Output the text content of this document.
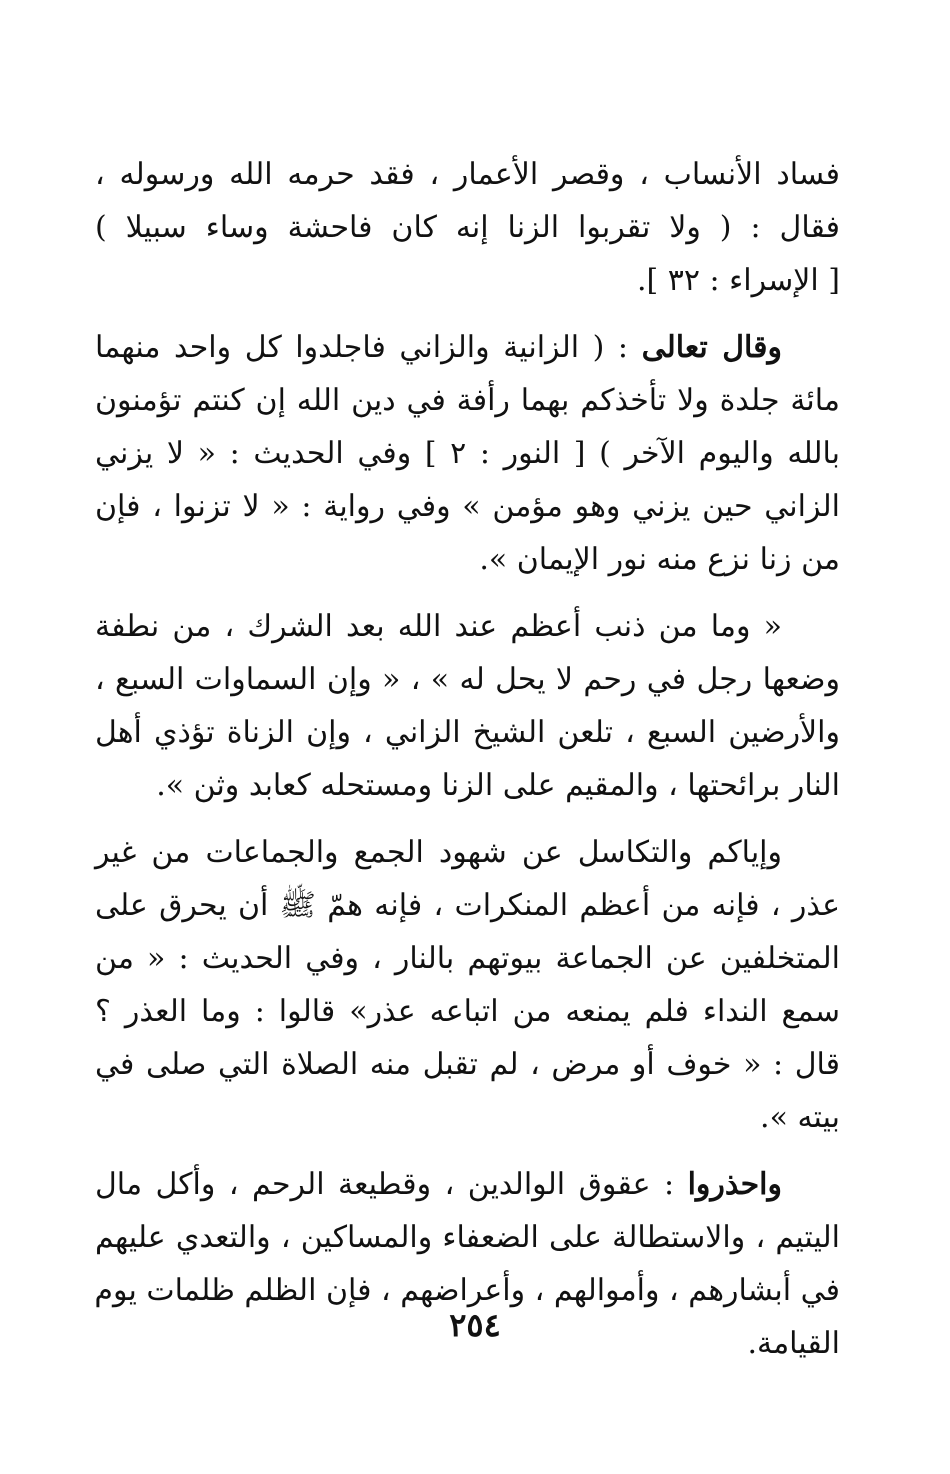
فساد الأنساب ، وقصر الأعمار ، فقد حرمه الله ورسوله ،
فقال : ( ولا تقربوا الزنا إنه كان فاحشة وساء سبيلا )
[ الإسراء : ٣٢ ].

وقال تعالى : ( الزانية والزاني فاجلدوا كل واحد منهما
مائة جلدة ولا تأخذكم بهما رأفة في دين الله إن كنتم تؤمنون
بالله واليوم الآخر ) [ النور : ٢ ] وفي الحديث : « لا يزني
الزاني حين يزني وهو مؤمن » وفي رواية : « لا تزنوا ، فإن
من زنا نزع منه نور الإيمان ».

« وما من ذنب أعظم عند الله بعد الشرك ، من نطفة
وضعها رجل في رحم لا يحل له » ، « وإن السماوات السبع ،
والأرضين السبع ، تلعن الشيخ الزاني ، وإن الزناة تؤذي أهل
النار برائحتها ، والمقيم على الزنا ومستحله كعابد وثن ».

وإياكم والتكاسل عن شهود الجمع والجماعات من غير
عذر ، فإنه من أعظم المنكرات ، فإنه همّ ﷺ أن يحرق على
المتخلفين عن الجماعة بيوتهم بالنار ، وفي الحديث : « من
سمع النداء فلم يمنعه من اتباعه عذر» قالوا : وما العذر ؟
قال : « خوف أو مرض ، لم تقبل منه الصلاة التي صلى في
بيته ».

واحذروا : عقوق الوالدين ، وقطيعة الرحم ، وأكل مال
اليتيم ، والاستطالة على الضعفاء والمساكين ، والتعدي عليهم
في أبشارهم ، وأموالهم ، وأعراضهم ، فإن الظلم ظلمات يوم
القيامة.

٢٥٤
